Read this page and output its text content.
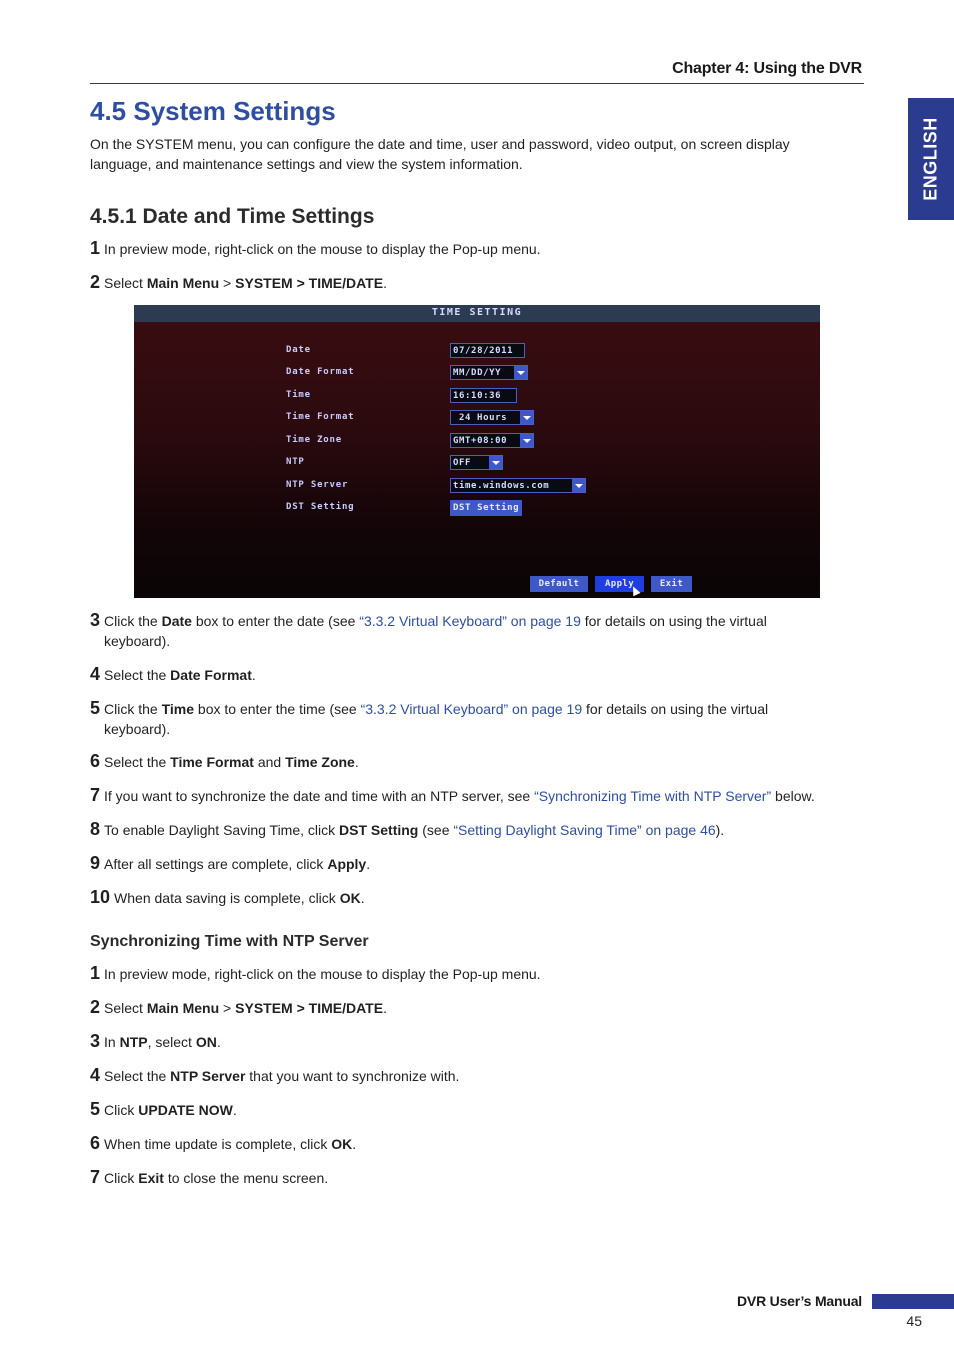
Chapter 4: Using the DVR
ENGLISH
4.5 System Settings
On the SYSTEM menu, you can configure the date and time, user and password, video output, on screen display language, and maintenance settings and view the system information.
4.5.1 Date and Time Settings
1 In preview mode, right-click on the mouse to display the Pop-up menu.
2 Select Main Menu > SYSTEM > TIME/DATE.
TIME SETTING
Date
Date Format
Time
Time Format
Time Zone
NTP
NTP Server
DST Setting
07/28/2011
MM/DD/YY
16:10:36
24 Hours
GMT+08:00
OFF
time.windows.com
DST Setting
Default	Apply	Exit
3 Click the Date box to enter the date (see “3.3.2 Virtual Keyboard” on page 19 for details on using the virtual
keyboard).
4 Select the Date Format.
5 Click the Time box to enter the time (see “3.3.2 Virtual Keyboard” on page 19 for details on using the virtual
keyboard).
6 Select the Time Format and Time Zone.
7 If you want to synchronize the date and time with an NTP server, see “Synchronizing Time with NTP Server” below.
8 To enable Daylight Saving Time, click DST Setting (see “Setting Daylight Saving Time” on page 46).
9 After all settings are complete, click Apply.
10 When data saving is complete, click OK.
Synchronizing Time with NTP Server
1 In preview mode, right-click on the mouse to display the Pop-up menu.
2 Select Main Menu > SYSTEM > TIME/DATE.
3 In NTP, select ON.
4 Select the NTP Server that you want to synchronize with.
5 Click UPDATE NOW.
6 When time update is complete, click OK.
7 Click Exit to close the menu screen.
DVR User’s Manual
45
